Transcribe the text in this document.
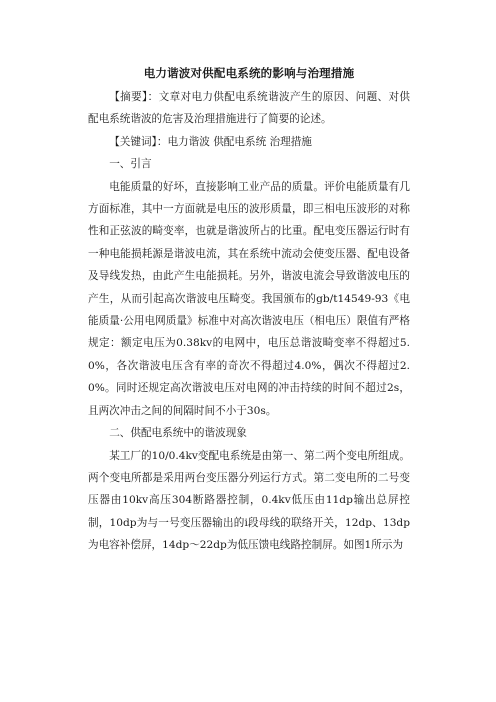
电力谐波对供配电系统的影响与治理措施

【摘要】：文章对电力供配电系统谐波产生的原因、问题、对供配电系统谐波的危害及治理措施进行了简要的论述。

【关键词】：电力谐波 供配电系统 治理措施

一、引言

电能质量的好坏，直接影响工业产品的质量。评价电能质量有几方面标准，其中一方面就是电压的波形质量，即三相电压波形的对称性和正弦波的畸变率，也就是谐波所占的比重。配电变压器运行时有一种电能损耗源是谐波电流，其在系统中流动会使变压器、配电设备及导线发热，由此产生电能损耗。另外，谐波电流会导致谐波电压的产生，从而引起高次谐波电压畸变。我国颁布的gb/t14549-93《电能质量·公用电网质量》标准中对高次谐波电压（相电压）限值有严格规定：额定电压为0.38kv的电网中，电压总谐波畸变率不得超过5.0%，各次谐波电压含有率的奇次不得超过4.0%，偶次不得超过2.0%。同时还规定高次谐波电压对电网的冲击持续的时间不超过2s，且两次冲击之间的间隔时间不小于30s。

二、供配电系统中的谐波现象

某工厂的10/0.4kv变配电系统是由第一、第二两个变电所组成。两个变电所都是采用两台变压器分列运行方式。第二变电所的二号变压器由10kv高压304断路器控制，0.4kv低压由11dp输出总屏控制，10dp为与一号变压器输出的i段母线的联络开关，12dp、13dp为电容补偿屏，14dp～22dp为低压馈电线路控制屏。如图1所示为
